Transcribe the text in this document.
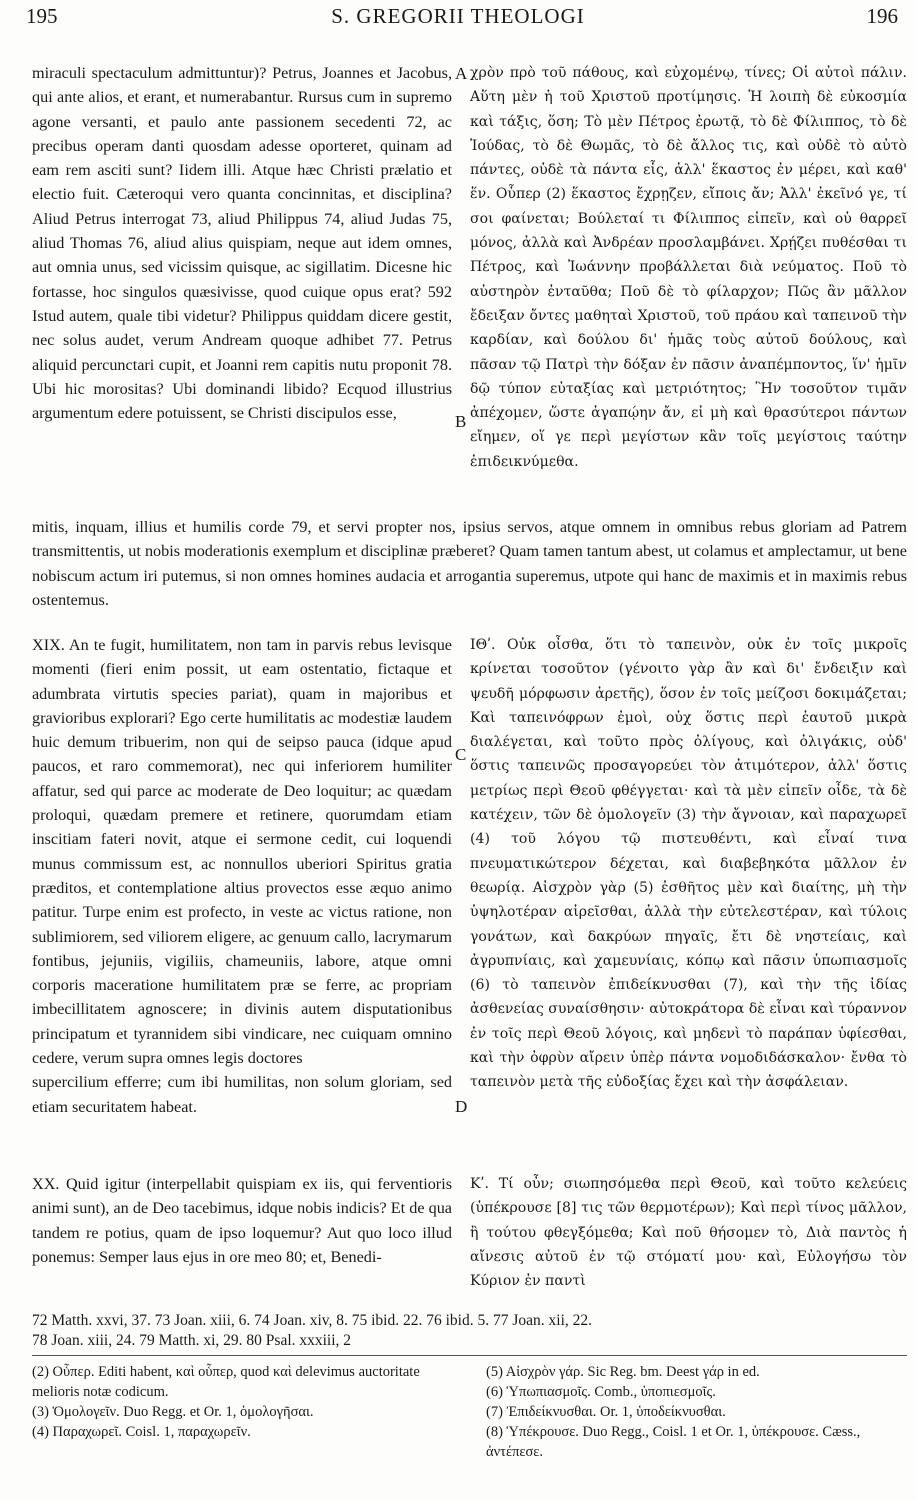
195	S. GREGORII THEOLOGI	196
A
B
C
D

miraculi spectaculum admittuntur)? Petrus, Joannes et Jacobus, qui ante alios, et erant, et numerabantur. Rursus cum in supremo agone versanti, et paulo ante passionem secedenti 72, ac precibus operam danti quosdam adesse oporteret, quinam ad eam rem asciti sunt? Iidem illi. Atque hæc Christi prælatio et electio fuit. Cæteroqui vero quanta concinnitas, et disciplina? Aliud Petrus interrogat 73, aliud Philippus 74, aliud Judas 75, aliud Thomas 76, aliud alius quispiam, neque aut idem omnes, aut omnia unus, sed vicissim quisque, ac sigillatim. Dicesne hic fortasse, hoc singulos quæsivisse, quod cuique opus erat? 592 Istud autem, quale tibi videtur? Philippus quiddam dicere gestit, nec solus audet, verum Andream quoque adhibet 77. Petrus aliquid percunctari cupit, et Joanni rem capitis nutu proponit 78. Ubi hic morositas? Ubi dominandi libido? Ecquod illustrius argumentum edere potuissent, se Christi discipulos esse,

χρὸν πρὸ τοῦ πάθους, καὶ εὐχομένῳ, τίνες; Οἱ αὐτοὶ πάλιν. Αὕτη μὲν ἡ τοῦ Χριστοῦ προτίμησις. Ἡ λοιπὴ δὲ εὐκοσμία καὶ τάξις, ὅση; Τὸ μὲν Πέτρος ἐρωτᾷ, τὸ δὲ Φίλιππος, τὸ δὲ Ἰούδας, τὸ δὲ Θωμᾶς, τὸ δὲ ἄλλος τις, καὶ οὐδὲ τὸ αὐτὸ πάντες, οὐδὲ τὰ πάντα εἷς, ἀλλ' ἕκαστος ἐν μέρει, καὶ καθ' ἕν. Οὗπερ (2) ἕκαστος ἔχρῃζεν, εἴποις ἄν; Ἀλλ' ἐκεῖνό γε, τί σοι φαίνεται; Βούλεταί τι Φίλιππος εἰπεῖν, καὶ οὐ θαρρεῖ μόνος, ἀλλὰ καὶ Ἀνδρέαν προσλαμβάνει. Χρῄζει πυθέσθαι τι Πέτρος, καὶ Ἰωάννην προβάλλεται διὰ νεύματος. Ποῦ τὸ αὐστηρὸν ἐνταῦθα; Ποῦ δὲ τὸ φίλαρχον; Πῶς ἂν μᾶλλον ἔδειξαν ὄντες μαθηταὶ Χριστοῦ, τοῦ πράου καὶ ταπεινοῦ τὴν καρδίαν, καὶ δούλου δι' ἡμᾶς τοὺς αὐτοῦ δούλους, καὶ πᾶσαν τῷ Πατρὶ τὴν δόξαν ἐν πᾶσιν ἀναπέμποντος, ἵν' ἡμῖν δῷ τύπον εὐταξίας καὶ μετριότητος; Ἣν τοσοῦτον τιμᾶν ἀπέχομεν, ὥστε ἀγαπῴην ἄν, εἰ μὴ καὶ θρασύτεροι πάντων εἴημεν, οἵ γε περὶ μεγίστων κἂν τοῖς μεγίστοις ταύτην ἐπιδεικνύμεθα.

mitis, inquam, illius et humilis corde 79, et servi propter nos, ipsius servos, atque omnem in omnibus rebus gloriam ad Patrem transmittentis, ut nobis moderationis exemplum et disciplinæ præberet? Quam tamen tantum abest, ut colamus et amplectamur, ut bene nobiscum actum iri putemus, si non omnes homines audacia et arrogantia superemus, utpote qui hanc de maximis et in maximis rebus ostentemus.

XIX. An te fugit, humilitatem, non tam in parvis rebus levisque momenti (fieri enim possit, ut eam ostentatio, fictaque et adumbrata virtutis species pariat), quam in majoribus et gravioribus explorari? Ego certe humilitatis ac modestiæ laudem huic demum tribuerim, non qui de seipso pauca (idque apud paucos, et raro commemorat), nec qui inferiorem humiliter affatur, sed qui parce ac moderate de Deo loquitur; ac quædam proloqui, quædam premere et retinere, quorumdam etiam inscitiam fateri novit, atque ei sermone cedit, cui loquendi munus commissum est, ac nonnullos uberiori Spiritus gratia præditos, et contemplatione altius provectos esse æquo animo patitur. Turpe enim est profecto, in veste ac victus ratione, non sublimiorem, sed viliorem eligere, ac genuum callo, lacrymarum fontibus, jejuniis, vigiliis, chameuniis, labore, atque omni corporis maceratione humilitatem præ se ferre, ac propriam imbecillitatem agnoscere; in divinis autem disputationibus principatum et tyrannidem sibi vindicare, nec cuiquam omnino cedere, verum supra omnes legis doctores

supercilium efferre; cum ibi humilitas, non solum gloriam, sed etiam securitatem habeat.

ΙΘʹ. Οὐκ οἶσθα, ὅτι τὸ ταπεινὸν, οὐκ ἐν τοῖς μικροῖς κρίνεται τοσοῦτον (γένοιτο γὰρ ἂν καὶ δι' ἔνδειξιν καὶ ψευδῆ μόρφωσιν ἀρετῆς), ὅσον ἐν τοῖς μείζοσι δοκιμάζεται; Καὶ ταπεινόφρων ἐμοὶ, οὐχ ὅστις περὶ ἑαυτοῦ μικρὰ διαλέγεται, καὶ τοῦτο πρὸς ὀλίγους, καὶ ὀλιγάκις, οὐδ' ὅστις ταπεινῶς προσαγορεύει τὸν ἀτιμότερον, ἀλλ' ὅστις μετρίως περὶ Θεοῦ φθέγγεται· καὶ τὰ μὲν εἰπεῖν οἶδε, τὰ δὲ κατέχειν, τῶν δὲ ὁμολογεῖν (3) τὴν ἄγνοιαν, καὶ παραχωρεῖ (4) τοῦ λόγου τῷ πιστευθέντι, καὶ εἶναί τινα πνευματικώτερον δέχεται, καὶ διαβεβηκότα μᾶλλον ἐν θεωρίᾳ. Αἰσχρὸν γὰρ (5) ἐσθῆτος μὲν καὶ διαίτης, μὴ τὴν ὑψηλοτέραν αἱρεῖσθαι, ἀλλὰ τὴν εὐτελεστέραν, καὶ τύλοις γονάτων, καὶ δακρύων πηγαῖς, ἔτι δὲ νηστείαις, καὶ ἀγρυπνίαις, καὶ χαμευνίαις, κόπῳ καὶ πᾶσιν ὑπωπιασμοῖς (6) τὸ ταπεινὸν ἐπιδείκνυσθαι (7), καὶ τὴν τῆς ἰδίας ἀσθενείας συναίσθησιν· αὐτοκράτορα δὲ εἶναι καὶ τύραννον ἐν τοῖς περὶ Θεοῦ λόγοις, καὶ μηδενὶ τὸ παράπαν ὑφίεσθαι, καὶ τὴν ὀφρὺν αἴρειν ὑπὲρ πάντα νομοδιδάσκαλον· ἔνθα τὸ ταπεινὸν μετὰ τῆς εὐδοξίας ἔχει καὶ τὴν ἀσφάλειαν.

XX. Quid igitur (interpellabit quispiam ex iis, qui ferventioris animi sunt), an de Deo tacebimus, idque nobis indicis? Et de qua tandem re potius, quam de ipso loquemur? Aut quo loco illud ponemus: Semper laus ejus in ore meo 80; et, Benedi-

Κʹ. Τί οὖν; σιωπησόμεθα περὶ Θεοῦ, καὶ τοῦτο κελεύεις (ὑπέκρουσε [8] τις τῶν θερμοτέρων); Καὶ περὶ τίνος μᾶλλον, ἢ τούτου φθεγξόμεθα; Καὶ ποῦ θήσομεν τὸ, Διὰ παντὸς ἡ αἴνεσις αὐτοῦ ἐν τῷ στόματί μου· καὶ, Εὐλογήσω τὸν Κύριον ἐν παντὶ

72 Matth. xxvi, 37. 73 Joan. xiii, 6. 74 Joan. xiv, 8. 75 ibid. 22. 76 ibid. 5. 77 Joan. xii, 22.
78 Joan. xiii, 24. 79 Matth. xi, 29. 80 Psal. xxxiii, 2
(2) Οὗπερ. Editi habent, καὶ οὗπερ, quod καὶ delevimus auctoritate melioris notæ codicum.
(3) Ὁμολογεῖν. Duo Regg. et Or. 1, ὁμολογῆσαι.
(4) Παραχωρεῖ. Coisl. 1, παραχωρεῖν.
(5) Αἰσχρὸν γάρ. Sic Reg. bm. Deest γάρ in ed.
(6) Ὑπωπιασμοῖς. Comb., ὑποπιεσμοῖς.
(7) Ἐπιδείκνυσθαι. Or. 1, ὑποδείκνυσθαι.
(8) Ὑπέκρουσε. Duo Regg., Coisl. 1 et Or. 1, ὑπέκρουσε. Cæss., ἀντέπεσε.
